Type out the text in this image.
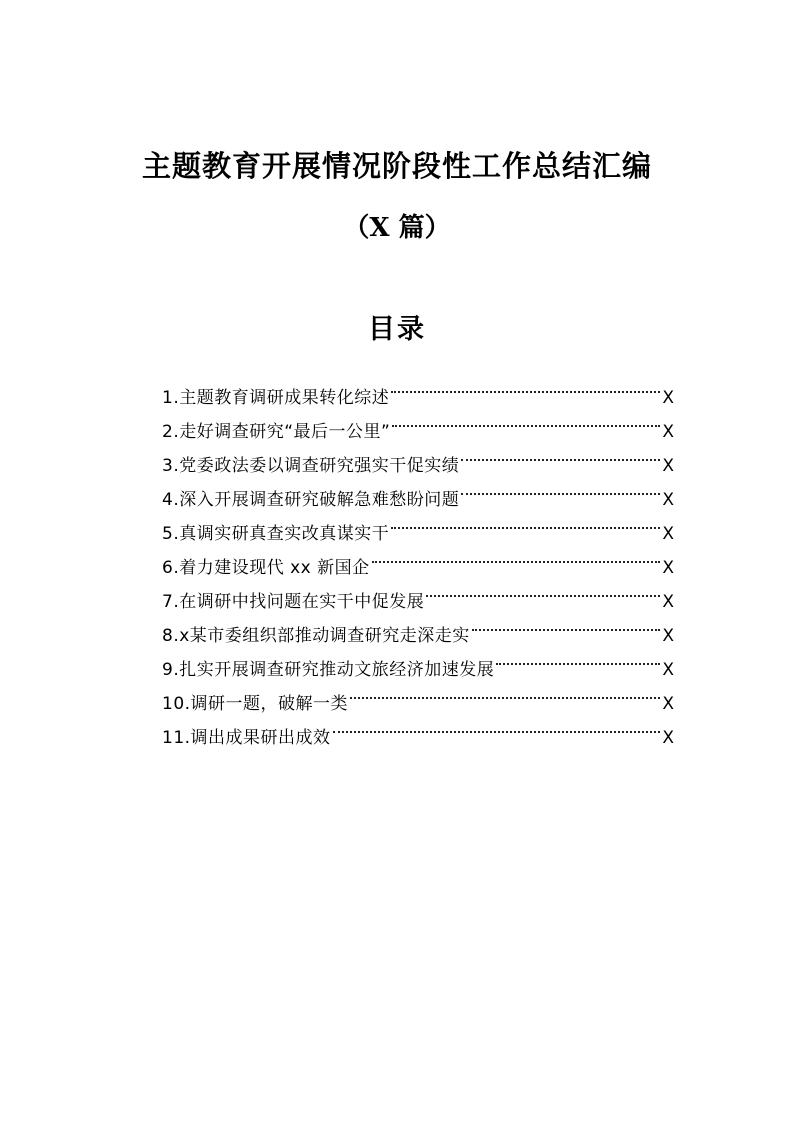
主题教育开展情况阶段性工作总结汇编
（X 篇）
目录
1.主题教育调研成果转化综述	X
2.走好调查研究“最后一公里”	X
3.党委政法委以调查研究强实干促实绩	X
4.深入开展调查研究破解急难愁盼问题	X
5.真调实研真查实改真谋实干	X
6.着力建设现代 xx 新国企	X
7.在调研中找问题在实干中促发展	X
8.x某市委组织部推动调查研究走深走实	X
9.扎实开展调查研究推动文旅经济加速发展	X
10.调研一题，破解一类	X
11.调出成果研出成效	X
